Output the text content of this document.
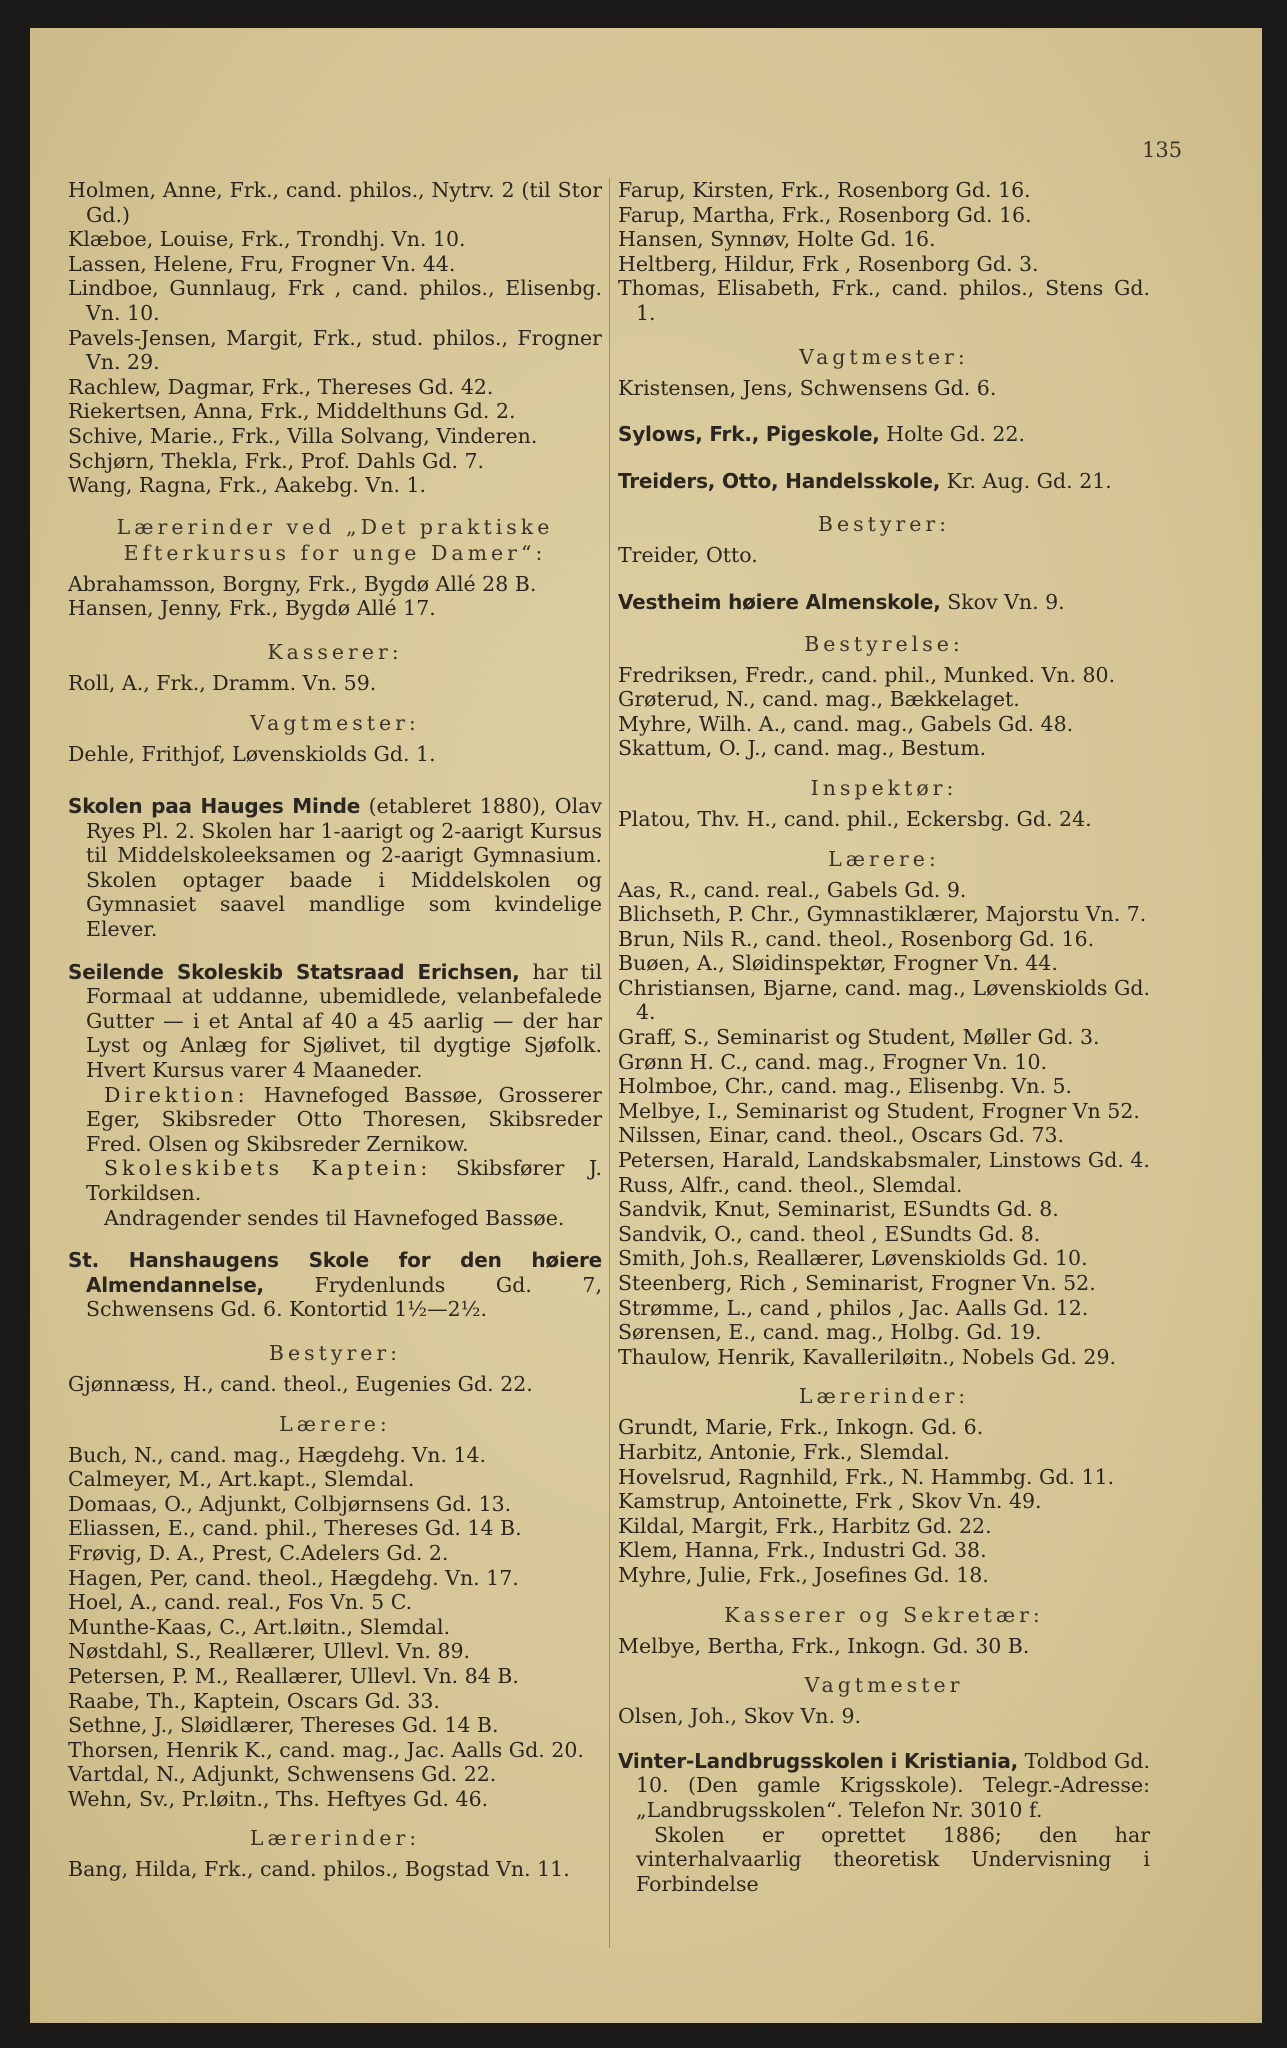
135
Holmen, Anne, Frk., cand. philos., Nytrv. 2 (til Stor Gd.)
Klæboe, Louise, Frk., Trondhj. Vn. 10.
Lassen, Helene, Fru, Frogner Vn. 44.
Lindboe, Gunnlaug, Frk , cand. philos., Elisenbg. Vn. 10.
Pavels-Jensen, Margit, Frk., stud. philos., Frogner Vn. 29.
Rachlew, Dagmar, Frk., Thereses Gd. 42.
Riekertsen, Anna, Frk., Middelthuns Gd. 2.
Schive, Marie., Frk., Villa Solvang, Vinderen.
Schjørn, Thekla, Frk., Prof. Dahls Gd. 7.
Wang, Ragna, Frk., Aakebg. Vn. 1.
Lærerinder ved „Det praktiske Efterkursus for unge Damer“:
Abrahamsson, Borgny, Frk., Bygdø Allé 28 B.
Hansen, Jenny, Frk., Bygdø Allé 17.
Kasserer:
Roll, A., Frk., Dramm. Vn. 59.
Vagtmester:
Dehle, Frithjof, Løvenskiolds Gd. 1.
Skolen paa Hauges Minde (etableret 1880), Olav Ryes Pl. 2. Skolen har 1-aarigt og 2-aarigt Kursus til Middelskoleeksamen og 2-aarigt Gymnasium. Skolen optager baade i Middelskolen og Gymnasiet saavel mandlige som kvindelige Elever.
Seilende Skoleskib Statsraad Erichsen, har til Formaal at uddanne, ubemidlede, velanbefalede Gutter — i et Antal af 40 a 45 aarlig — der har Lyst og Anlæg for Sjølivet, til dygtige Sjøfolk. Hvert Kursus varer 4 Maaneder.
Direktion: Havnefoged Bassøe, Grosserer Eger, Skibsreder Otto Thoresen, Skibsreder Fred. Olsen og Skibsreder Zernikow.
Skoleskibets Kaptein: Skibsfører J. Torkildsen.
Andragender sendes til Havnefoged Bassøe.
St. Hanshaugens Skole for den høiere Almendannelse, Frydenlunds Gd. 7, Schwensens Gd. 6. Kontortid 1½—2½.
Bestyrer:
Gjønnæss, H., cand. theol., Eugenies Gd. 22.
Lærere:
Buch, N., cand. mag., Hægdehg. Vn. 14.
Calmeyer, M., Art.kapt., Slemdal.
Domaas, O., Adjunkt, Colbjørnsens Gd. 13.
Eliassen, E., cand. phil., Thereses Gd. 14 B.
Frøvig, D. A., Prest, C.Adelers Gd. 2.
Hagen, Per, cand. theol., Hægdehg. Vn. 17.
Hoel, A., cand. real., Fos Vn. 5 C.
Munthe-Kaas, C., Art.løitn., Slemdal.
Nøstdahl, S., Reallærer, Ullevl. Vn. 89.
Petersen, P. M., Reallærer, Ullevl. Vn. 84 B.
Raabe, Th., Kaptein, Oscars Gd. 33.
Sethne, J., Sløidlærer, Thereses Gd. 14 B.
Thorsen, Henrik K., cand. mag., Jac. Aalls Gd. 20.
Vartdal, N., Adjunkt, Schwensens Gd. 22.
Wehn, Sv., Pr.løitn., Ths. Heftyes Gd. 46.
Lærerinder:
Bang, Hilda, Frk., cand. philos., Bogstad Vn. 11.
Farup, Kirsten, Frk., Rosenborg Gd. 16.
Farup, Martha, Frk., Rosenborg Gd. 16.
Hansen, Synnøv, Holte Gd. 16.
Heltberg, Hildur, Frk , Rosenborg Gd. 3.
Thomas, Elisabeth, Frk., cand. philos., Stens Gd. 1.
Vagtmester:
Kristensen, Jens, Schwensens Gd. 6.
Sylows, Frk., Pigeskole, Holte Gd. 22.
Treiders, Otto, Handelsskole, Kr. Aug. Gd. 21.
Bestyrer:
Treider, Otto.
Vestheim høiere Almenskole, Skov Vn. 9.
Bestyrelse:
Fredriksen, Fredr., cand. phil., Munked. Vn. 80.
Grøterud, N., cand. mag., Bækkelaget.
Myhre, Wilh. A., cand. mag., Gabels Gd. 48.
Skattum, O. J., cand. mag., Bestum.
Inspektør:
Platou, Thv. H., cand. phil., Eckersbg. Gd. 24.
Lærere:
Aas, R., cand. real., Gabels Gd. 9.
Blichseth, P. Chr., Gymnastiklærer, Majorstu Vn. 7.
Brun, Nils R., cand. theol., Rosenborg Gd. 16.
Buøen, A., Sløidinspektør, Frogner Vn. 44.
Christiansen, Bjarne, cand. mag., Løvenskiolds Gd. 4.
Graff, S., Seminarist og Student, Møller Gd. 3.
Grønn H. C., cand. mag., Frogner Vn. 10.
Holmboe, Chr., cand. mag., Elisenbg. Vn. 5.
Melbye, I., Seminarist og Student, Frogner Vn 52.
Nilssen, Einar, cand. theol., Oscars Gd. 73.
Petersen, Harald, Landskabsmaler, Linstows Gd. 4.
Russ, Alfr., cand. theol., Slemdal.
Sandvik, Knut, Seminarist, ESundts Gd. 8.
Sandvik, O., cand. theol , ESundts Gd. 8.
Smith, Joh.s, Reallærer, Løvenskiolds Gd. 10.
Steenberg, Rich , Seminarist, Frogner Vn. 52.
Strømme, L., cand , philos , Jac. Aalls Gd. 12.
Sørensen, E., cand. mag., Holbg. Gd. 19.
Thaulow, Henrik, Kavalleriløitn., Nobels Gd. 29.
Lærerinder:
Grundt, Marie, Frk., Inkogn. Gd. 6.
Harbitz, Antonie, Frk., Slemdal.
Hovelsrud, Ragnhild, Frk., N. Hammbg. Gd. 11.
Kamstrup, Antoinette, Frk , Skov Vn. 49.
Kildal, Margit, Frk., Harbitz Gd. 22.
Klem, Hanna, Frk., Industri Gd. 38.
Myhre, Julie, Frk., Josefines Gd. 18.
Kasserer og Sekretær:
Melbye, Bertha, Frk., Inkogn. Gd. 30 B.
Vagtmester
Olsen, Joh., Skov Vn. 9.
Vinter-Landbrugsskolen i Kristiania, Toldbod Gd. 10. (Den gamle Krigsskole). Telegr.-Adresse: „Landbrugsskolen“. Telefon Nr. 3010 f.
Skolen er oprettet 1886; den har vinterhalvaarlig theoretisk Undervisning i Forbindelse
